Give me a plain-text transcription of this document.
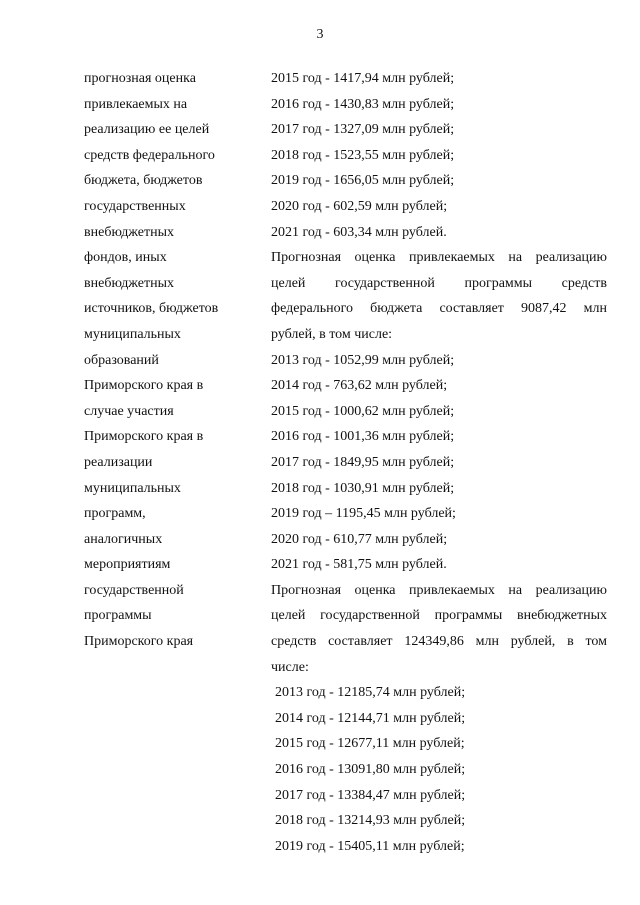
3
прогнозная оценка
привлекаемых на
реализацию ее целей
средств федерального
бюджета, бюджетов
государственных
внебюджетных
фондов, иных
внебюджетных
источников, бюджетов
муниципальных
образований
Приморского края в
случае участия
Приморского края в
реализации
муниципальных
программ,
аналогичных
мероприятиям
государственной
программы
Приморского края
2015 год - 1417,94 млн рублей;
2016 год - 1430,83 млн рублей;
2017 год - 1327,09 млн рублей;
2018 год - 1523,55 млн рублей;
2019 год - 1656,05 млн рублей;
2020 год - 602,59 млн рублей;
2021 год - 603,34 млн рублей.
Прогнозная оценка привлекаемых на реализацию
целей государственной программы средств
федерального бюджета составляет 9087,42 млн
рублей, в том числе:
2013 год - 1052,99 млн рублей;
2014 год - 763,62 млн рублей;
2015 год - 1000,62 млн рублей;
2016 год - 1001,36 млн рублей;
2017 год - 1849,95 млн рублей;
2018 год - 1030,91 млн рублей;
2019 год – 1195,45 млн рублей;
2020 год - 610,77 млн рублей;
2021 год - 581,75 млн рублей.
Прогнозная оценка привлекаемых на реализацию
целей государственной программы внебюджетных
средств составляет 124349,86 млн рублей, в том
числе:
2013 год - 12185,74 млн рублей;
2014 год - 12144,71 млн рублей;
2015 год - 12677,11 млн рублей;
2016 год - 13091,80 млн рублей;
2017 год - 13384,47 млн рублей;
2018 год - 13214,93 млн рублей;
2019 год - 15405,11 млн рублей;
